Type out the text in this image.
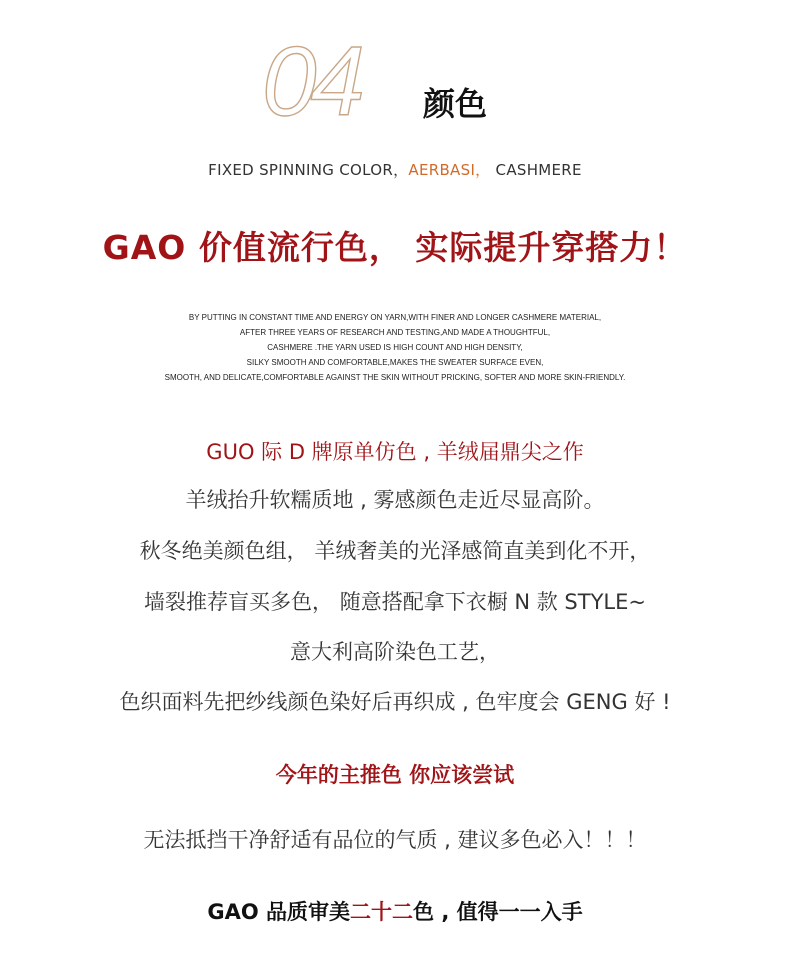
04	颜色
FIXED SPINNING COLOR，AERBASI， CASHMERE
GAO 价值流行色， 实际提升穿搭力！
BY PUTTING IN CONSTANT TIME AND ENERGY ON YARN,WITH FINER AND LONGER CASHMERE MATERIAL,
AFTER THREE YEARS OF RESEARCH AND TESTING,AND MADE A THOUGHTFUL,
CASHMERE .THE YARN USED IS HIGH COUNT AND HIGH DENSITY,
SILKY SMOOTH AND COMFORTABLE,MAKES THE SWEATER SURFACE EVEN,
SMOOTH, AND DELICATE,COMFORTABLE AGAINST THE SKIN WITHOUT PRICKING, SOFTER AND MORE SKIN-FRIENDLY.
GUO 际 D 牌原单仿色 , 羊绒届鼎尖之作
羊绒抬升软糯质地 , 雾感颜色走近尽显高阶。
秋冬绝美颜色组， 羊绒奢美的光泽感简直美到化不开，
墙裂推荐盲买多色， 随意搭配拿下衣橱 N 款 STYLE~
意大利高阶染色工艺，
色织面料先把纱线颜色染好后再织成 , 色牢度会 GENG 好 !
今年的主推色 你应该尝试
无法抵挡干净舒适有品位的气质 , 建议多色必入！！！
GAO 品质审美二十二色 , 值得一一入手
